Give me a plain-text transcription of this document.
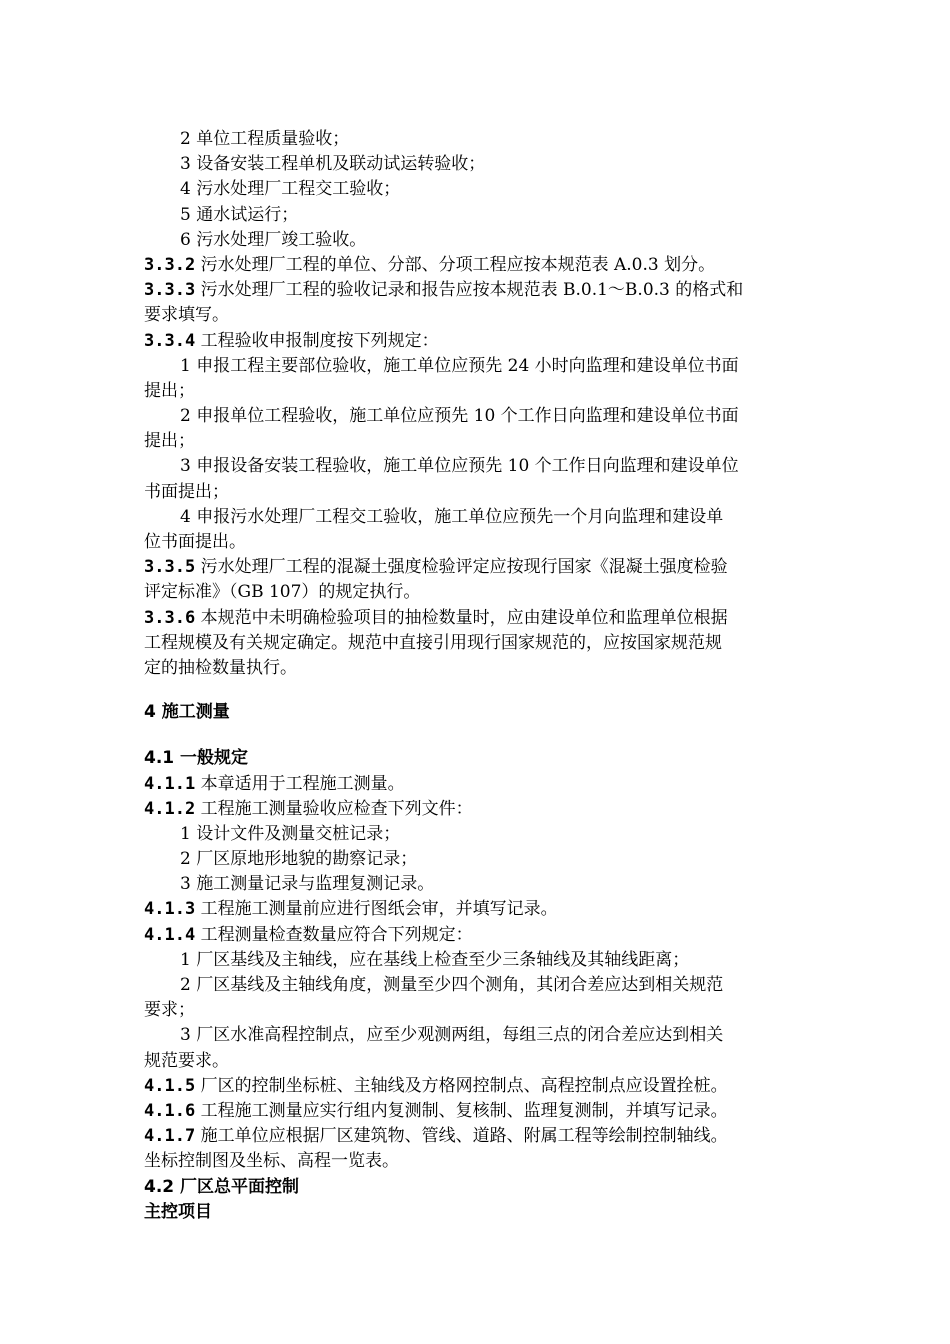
2 单位工程质量验收；
3 设备安装工程单机及联动试运转验收；
4 污水处理厂工程交工验收；
5 通水试运行；
6 污水处理厂竣工验收。
3.3.2 污水处理厂工程的单位、分部、分项工程应按本规范表 A.0.3 划分。
3.3.3 污水处理厂工程的验收记录和报告应按本规范表 B.0.1～B.0.3 的格式和
要求填写。
3.3.4 工程验收申报制度按下列规定：
1 申报工程主要部位验收，施工单位应预先 24 小时向监理和建设单位书面
提出；
2 申报单位工程验收，施工单位应预先 10 个工作日向监理和建设单位书面
提出；
3 申报设备安装工程验收，施工单位应预先 10 个工作日向监理和建设单位
书面提出；
4 申报污水处理厂工程交工验收，施工单位应预先一个月向监理和建设单
位书面提出。
3.3.5 污水处理厂工程的混凝土强度检验评定应按现行国家《混凝土强度检验
评定标准》（GB 107）的规定执行。
3.3.6 本规范中未明确检验项目的抽检数量时，应由建设单位和监理单位根据
工程规模及有关规定确定。规范中直接引用现行国家规范的，应按国家规范规
定的抽检数量执行。
4 施工测量
4.1 一般规定
4.1.1 本章适用于工程施工测量。
4.1.2 工程施工测量验收应检查下列文件：
1 设计文件及测量交桩记录；
2 厂区原地形地貌的勘察记录；
3 施工测量记录与监理复测记录。
4.1.3 工程施工测量前应进行图纸会审，并填写记录。
4.1.4 工程测量检查数量应符合下列规定：
1 厂区基线及主轴线，应在基线上检查至少三条轴线及其轴线距离；
2 厂区基线及主轴线角度，测量至少四个测角，其闭合差应达到相关规范
要求；
3 厂区水准高程控制点，应至少观测两组，每组三点的闭合差应达到相关
规范要求。
4.1.5 厂区的控制坐标桩、主轴线及方格网控制点、高程控制点应设置拴桩。
4.1.6 工程施工测量应实行组内复测制、复核制、监理复测制，并填写记录。
4.1.7 施工单位应根据厂区建筑物、管线、道路、附属工程等绘制控制轴线。
坐标控制图及坐标、高程一览表。
4.2 厂区总平面控制
主控项目
